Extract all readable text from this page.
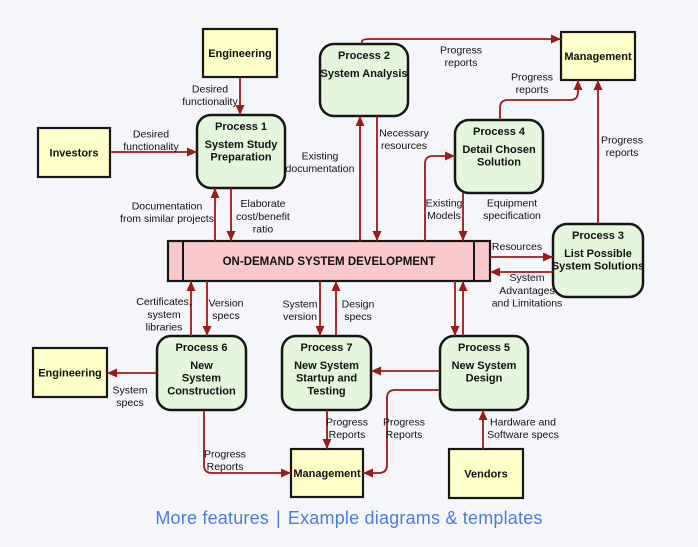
Engineering
Investors
Management
Engineering
Management	Vendors
Process 1
System Study
Preparation
Process 2
System Analysis
Process 4
Detail Chosen
Solution
Process 3
List Possible
System Solutions
Process 6
New
System
Construction
Process 7
New System
Startup and
Testing
Process 5
New System
Design
ON-DEMAND SYSTEM DEVELOPMENT
Desired
functionality
Desired
functionality
Documentation
from similar projects
Elaborate
cost/benefit
ratio
Progress
reports
Progress
reports
Progress
reports
Existing
documentation
Necessary
resources
Existing
Models
Equipment
specification
Resources
System
Advantages
and Limitations
Certificates,
system
libraries
Version
specs
System
version
Design
specs
Progress
Reports
Progress
Reports
Progress
Reports
Hardware and
Software specs
System
specs
More features | Example diagrams & templates
